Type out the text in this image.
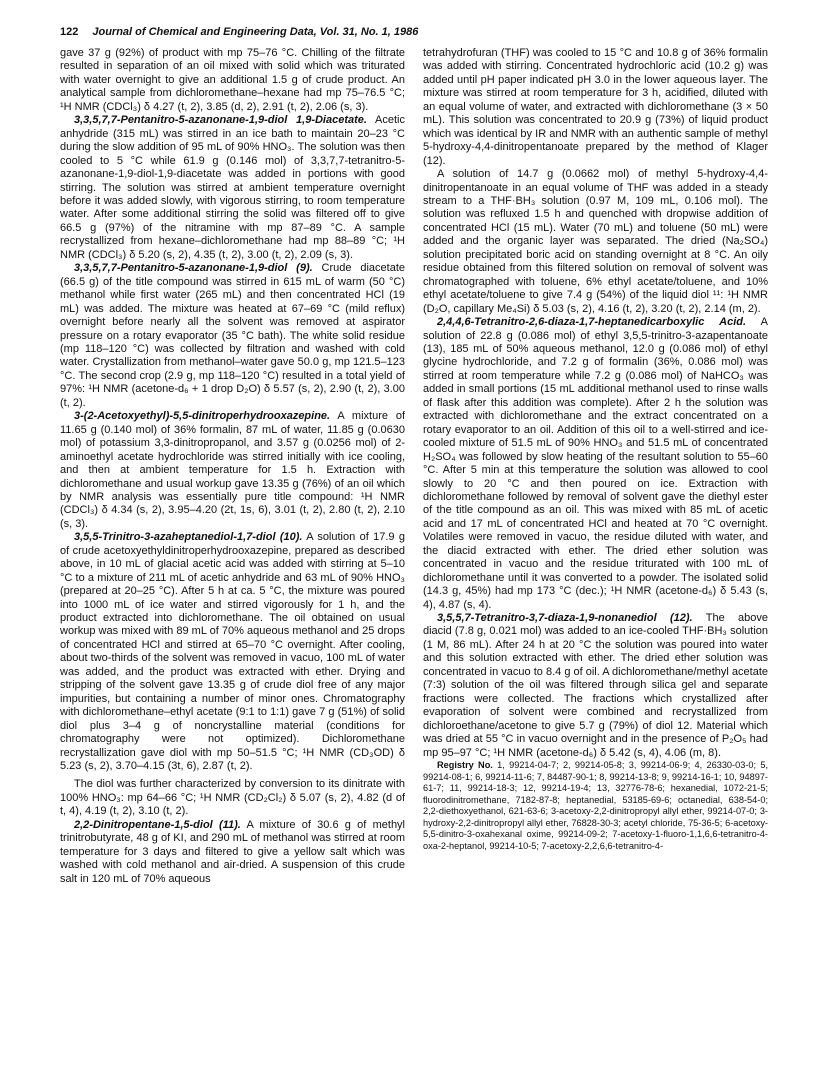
122 Journal of Chemical and Engineering Data, Vol. 31, No. 1, 1986

gave 37 g (92%) of product with mp 75–76 °C. Chilling of the filtrate resulted in separation of an oil mixed with solid which was triturated with water overnight to give an additional 1.5 g of crude product. An analytical sample from dichloromethane–hexane had mp 75–76.5 °C; ¹H NMR (CDCl₃) δ 4.27 (t, 2), 3.85 (d, 2), 2.91 (t, 2), 2.06 (s, 3).

3,3,5,7,7-Pentanitro-5-azanonane-1,9-diol 1,9-Diacetate. Acetic anhydride (315 mL) was stirred in an ice bath to maintain 20–23 °C during the slow addition of 95 mL of 90% HNO₃. The solution was then cooled to 5 °C while 61.9 g (0.146 mol) of 3,3,7,7-tetranitro-5-azanonane-1,9-diol-1,9-diacetate was added in portions with good stirring. The solution was stirred at ambient temperature overnight before it was added slowly, with vigorous stirring, to room temperature water. After some additional stirring the solid was filtered off to give 66.5 g (97%) of the nitramine with mp 87–89 °C. A sample recrystallized from hexane–dichloromethane had mp 88–89 °C; ¹H NMR (CDCl₃) δ 5.20 (s, 2), 4.35 (t, 2), 3.00 (t, 2), 2.09 (s, 3).

3,3,5,7,7-Pentanitro-5-azanonane-1,9-diol (9). Crude diacetate (66.5 g) of the title compound was stirred in 615 mL of warm (50 °C) methanol while first water (265 mL) and then concentrated HCl (19 mL) was added. The mixture was heated at 67–69 °C (mild reflux) overnight before nearly all the solvent was removed at aspirator pressure on a rotary evaporator (35 °C bath). The white solid residue (mp 118–120 °C) was collected by filtration and washed with cold water. Crystallization from methanol–water gave 50.0 g, mp 121.5–123 °C. The second crop (2.9 g, mp 118–120 °C) resulted in a total yield of 97%: ¹H NMR (acetone-d₆ + 1 drop D₂O) δ 5.57 (s, 2), 2.90 (t, 2), 3.00 (t, 2).

3-(2-Acetoxyethyl)-5,5-dinitroperhydrooxazepine. A mixture of 11.65 g (0.140 mol) of 36% formalin, 87 mL of water, 11.85 g (0.0630 mol) of potassium 3,3-dinitropropanol, and 3.57 g (0.0256 mol) of 2-aminoethyl acetate hydrochloride was stirred initially with ice cooling, and then at ambient temperature for 1.5 h. Extraction with dichloromethane and usual workup gave 13.35 g (76%) of an oil which by NMR analysis was essentially pure title compound: ¹H NMR (CDCl₃) δ 4.34 (s, 2), 3.95–4.20 (2t, 1s, 6), 3.01 (t, 2), 2.80 (t, 2), 2.10 (s, 3).

3,5,5-Trinitro-3-azaheptanediol-1,7-diol (10). A solution of 17.9 g of crude acetoxyethyldinitroperhydrooxazepine, prepared as described above, in 10 mL of glacial acetic acid was added with stirring at 5–10 °C to a mixture of 211 mL of acetic anhydride and 63 mL of 90% HNO₃ (prepared at 20–25 °C). After 5 h at ca. 5 °C, the mixture was poured into 1000 mL of ice water and stirred vigorously for 1 h, and the product extracted into dichloromethane. The oil obtained on usual workup was mixed with 89 mL of 70% aqueous methanol and 25 drops of concentrated HCl and stirred at 65–70 °C overnight. After cooling, about two-thirds of the solvent was removed in vacuo, 100 mL of water was added, and the product was extracted with ether. Drying and stripping of the solvent gave 13.35 g of crude diol free of any major impurities, but containing a number of minor ones. Chromatography with dichloromethane–ethyl acetate (9:1 to 1:1) gave 7 g (51%) of solid diol plus 3–4 g of noncrystalline material (conditions for chromatography were not optimized). Dichloromethane recrystallization gave diol with mp 50–51.5 °C; ¹H NMR (CD₃OD) δ 5.23 (s, 2), 3.70–4.15 (3t, 6), 2.87 (t, 2).

The diol was further characterized by conversion to its dinitrate with 100% HNO₃: mp 64–66 °C; ¹H NMR (CD₂Cl₂) δ 5.07 (s, 2), 4.82 (d of t, 4), 4.19 (t, 2), 3.10 (t, 2).

2,2-Dinitropentane-1,5-diol (11). A mixture of 30.6 g of methyl trinitrobutyrate, 48 g of KI, and 290 mL of methanol was stirred at room temperature for 3 days and filtered to give a yellow salt which was washed with cold methanol and air-dried. A suspension of this crude salt in 120 mL of 70% aqueous

tetrahydrofuran (THF) was cooled to 15 °C and 10.8 g of 36% formalin was added with stirring. Concentrated hydrochloric acid (10.2 g) was added until pH paper indicated pH 3.0 in the lower aqueous layer. The mixture was stirred at room temperature for 3 h, acidified, diluted with an equal volume of water, and extracted with dichloromethane (3 × 50 mL). This solution was concentrated to 20.9 g (73%) of liquid product which was identical by IR and NMR with an authentic sample of methyl 5-hydroxy-4,4-dinitropentanoate prepared by the method of Klager (12).

A solution of 14.7 g (0.0662 mol) of methyl 5-hydroxy-4,4-dinitropentanoate in an equal volume of THF was added in a steady stream to a THF·BH₃ solution (0.97 M, 109 mL, 0.106 mol). The solution was refluxed 1.5 h and quenched with dropwise addition of concentrated HCl (15 mL). Water (70 mL) and toluene (50 mL) were added and the organic layer was separated. The dried (Na₂SO₄) solution precipitated boric acid on standing overnight at 8 °C. An oily residue obtained from this filtered solution on removal of solvent was chromatographed with toluene, 6% ethyl acetate/toluene, and 10% ethyl acetate/toluene to give 7.4 g (54%) of the liquid diol ¹¹: ¹H NMR (D₂O, capillary Me₄Si) δ 5.03 (s, 2), 4.16 (t, 2), 3.20 (t, 2), 2.14 (m, 2).

2,4,4,6-Tetranitro-2,6-diaza-1,7-heptanedicarboxylic Acid. A solution of 22.8 g (0.086 mol) of ethyl 3,5,5-trinitro-3-azapentanoate (13), 185 mL of 50% aqueous methanol, 12.0 g (0.086 mol) of ethyl glycine hydrochloride, and 7.2 g of formalin (36%, 0.086 mol) was stirred at room temperature while 7.2 g (0.086 mol) of NaHCO₃ was added in small portions (15 mL additional methanol used to rinse walls of flask after this addition was complete). After 2 h the solution was extracted with dichloromethane and the extract concentrated on a rotary evaporator to an oil. Addition of this oil to a well-stirred and ice-cooled mixture of 51.5 mL of 90% HNO₃ and 51.5 mL of concentrated H₂SO₄ was followed by slow heating of the resultant solution to 55–60 °C. After 5 min at this temperature the solution was allowed to cool slowly to 20 °C and then poured on ice. Extraction with dichloromethane followed by removal of solvent gave the diethyl ester of the title compound as an oil. This was mixed with 85 mL of acetic acid and 17 mL of concentrated HCl and heated at 70 °C overnight. Volatiles were removed in vacuo, the residue diluted with water, and the diacid extracted with ether. The dried ether solution was concentrated in vacuo and the residue triturated with 100 mL of dichloromethane until it was converted to a powder. The isolated solid (14.3 g, 45%) had mp 173 °C (dec.); ¹H NMR (acetone-d₆) δ 5.43 (s, 4), 4.87 (s, 4).

3,5,5,7-Tetranitro-3,7-diaza-1,9-nonanediol (12). The above diacid (7.8 g, 0.021 mol) was added to an ice-cooled THF·BH₃ solution (1 M, 86 mL). After 24 h at 20 °C the solution was poured into water and this solution extracted with ether. The dried ether solution was concentrated in vacuo to 8.4 g of oil. A dichloromethane/methyl acetate (7:3) solution of the oil was filtered through silica gel and separate fractions were collected. The fractions which crystallized after evaporation of solvent were combined and recrystallized from dichloroethane/acetone to give 5.7 g (79%) of diol 12. Material which was dried at 55 °C in vacuo overnight and in the presence of P₂O₅ had mp 95–97 °C; ¹H NMR (acetone-d₆) δ 5.42 (s, 4), 4.06 (m, 8).

Registry No. 1, 99214-04-7; 2, 99214-05-8; 3, 99214-06-9; 4, 26330-03-0; 5, 99214-08-1; 6, 99214-11-6; 7, 84487-90-1; 8, 99214-13-8; 9, 99214-16-1; 10, 94897-61-7; 11, 99214-18-3; 12, 99214-19-4; 13, 32776-78-6; hexanedial, 1072-21-5; fluorodinitromethane, 7182-87-8; heptanedial, 53185-69-6; octanedial, 638-54-0; 2,2-diethoxyethanol, 621-63-6; 3-acetoxy-2,2-dinitropropyl allyl ether, 99214-07-0; 3-hydroxy-2,2-dinitropropyl allyl ether, 76828-30-3; acetyl chloride, 75-36-5; 6-acetoxy-5,5-dinitro-3-oxahexanal oxime, 99214-09-2; 7-acetoxy-1-fluoro-1,1,6,6-tetranitro-4-oxa-2-heptanol, 99214-10-5; 7-acetoxy-2,2,6,6-tetranitro-4-
